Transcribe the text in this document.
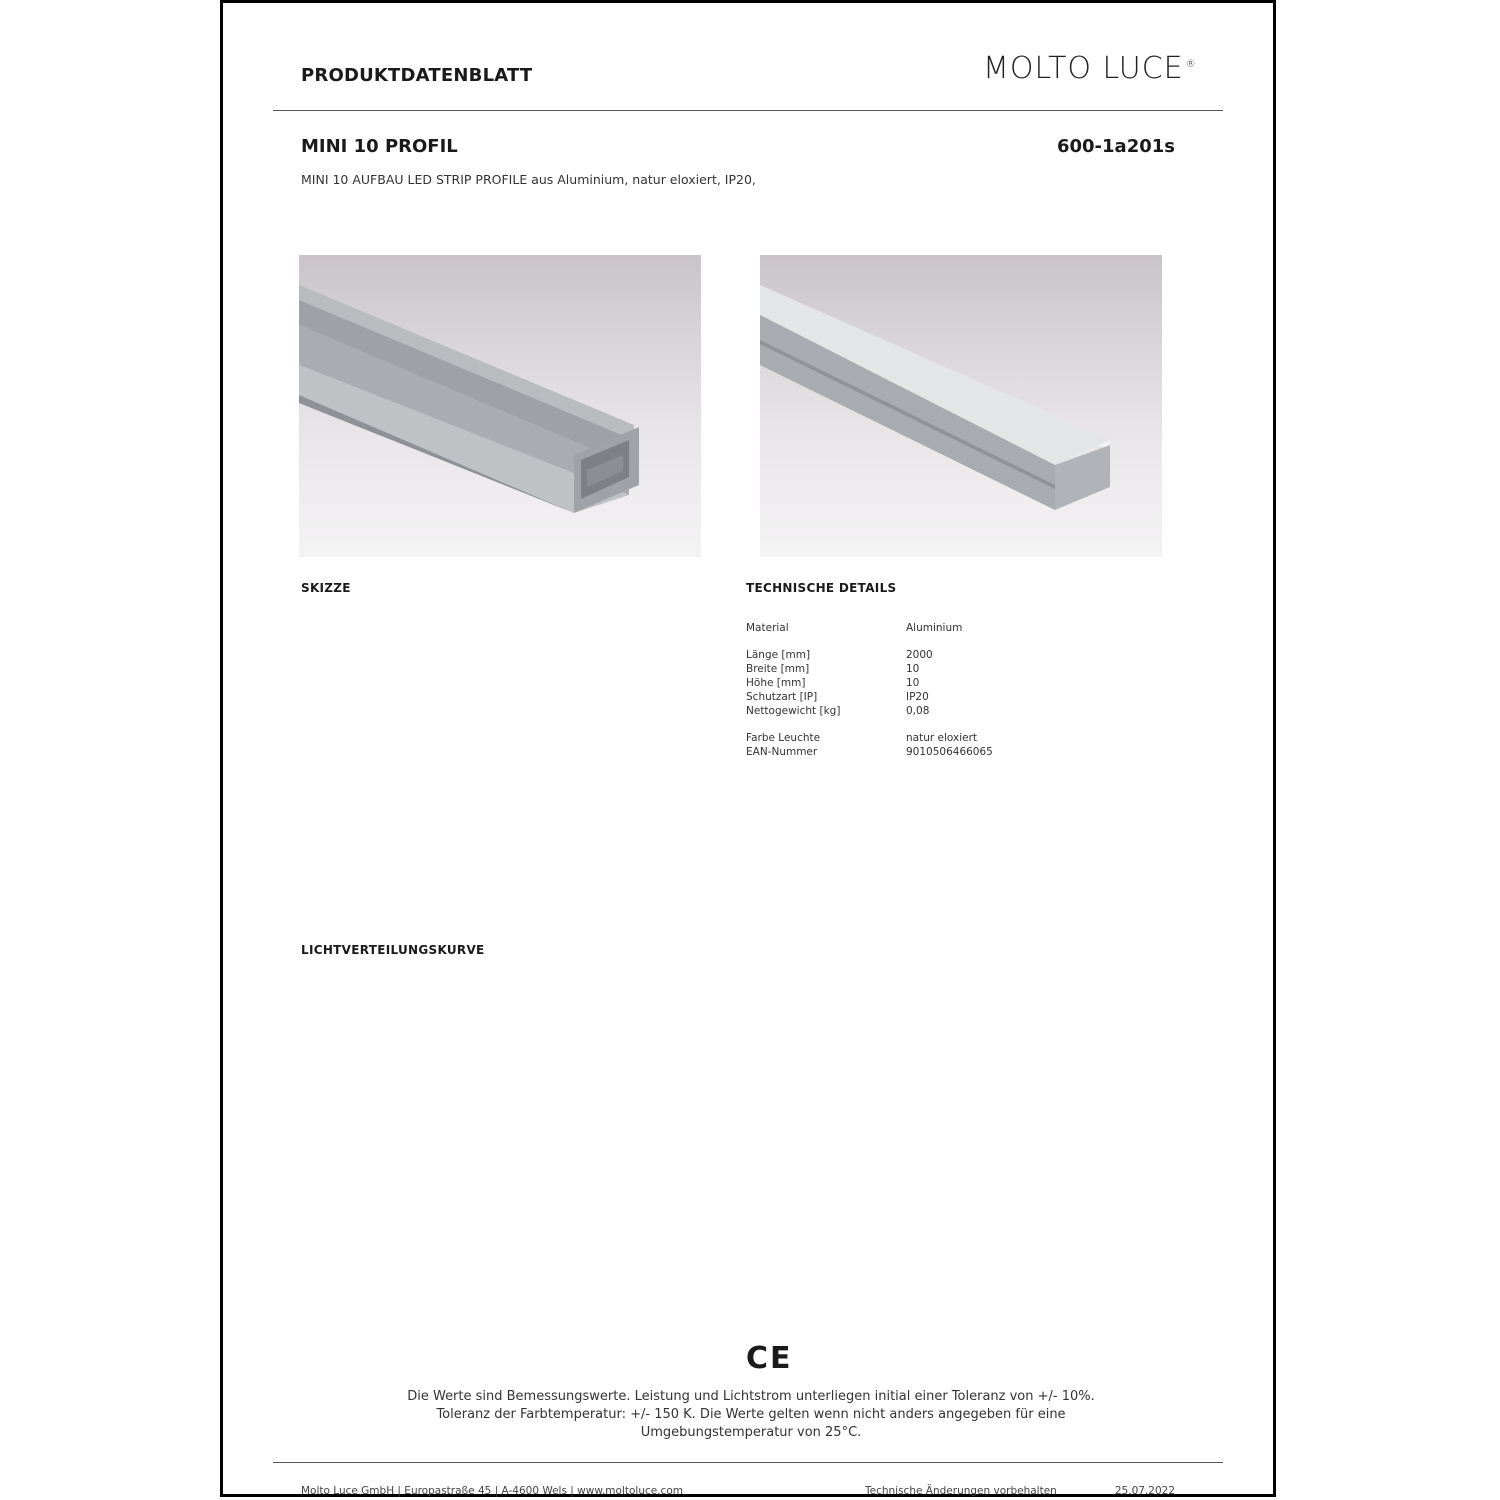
PRODUKTDATENBLATT	MOLTO LUCE ®
MINI 10 PROFIL	600-1a201s
MINI 10 AUFBAU LED STRIP PROFILE aus Aluminium, natur eloxiert, IP20,
SKIZZE	TECHNISCHE DETAILS
Material	Aluminium

Länge [mm]	2000
Breite [mm]	10
Höhe [mm]	10
Schutzart [IP]	IP20
Nettogewicht [kg]	0,08

Farbe Leuchte	natur eloxiert
EAN-Nummer	9010506466065
LICHTVERTEILUNGSKURVE
CE
Die Werte sind Bemessungswerte. Leistung und Lichtstrom unterliegen initial einer Toleranz von +/- 10%.
Toleranz der Farbtemperatur: +/- 150 K. Die Werte gelten wenn nicht anders angegeben für eine
Umgebungstemperatur von 25°C.
Molto Luce GmbH | Europastraße 45 | A-4600 Wels | www.moltoluce.com	Technische Änderungen vorbehalten	25.07.2022
